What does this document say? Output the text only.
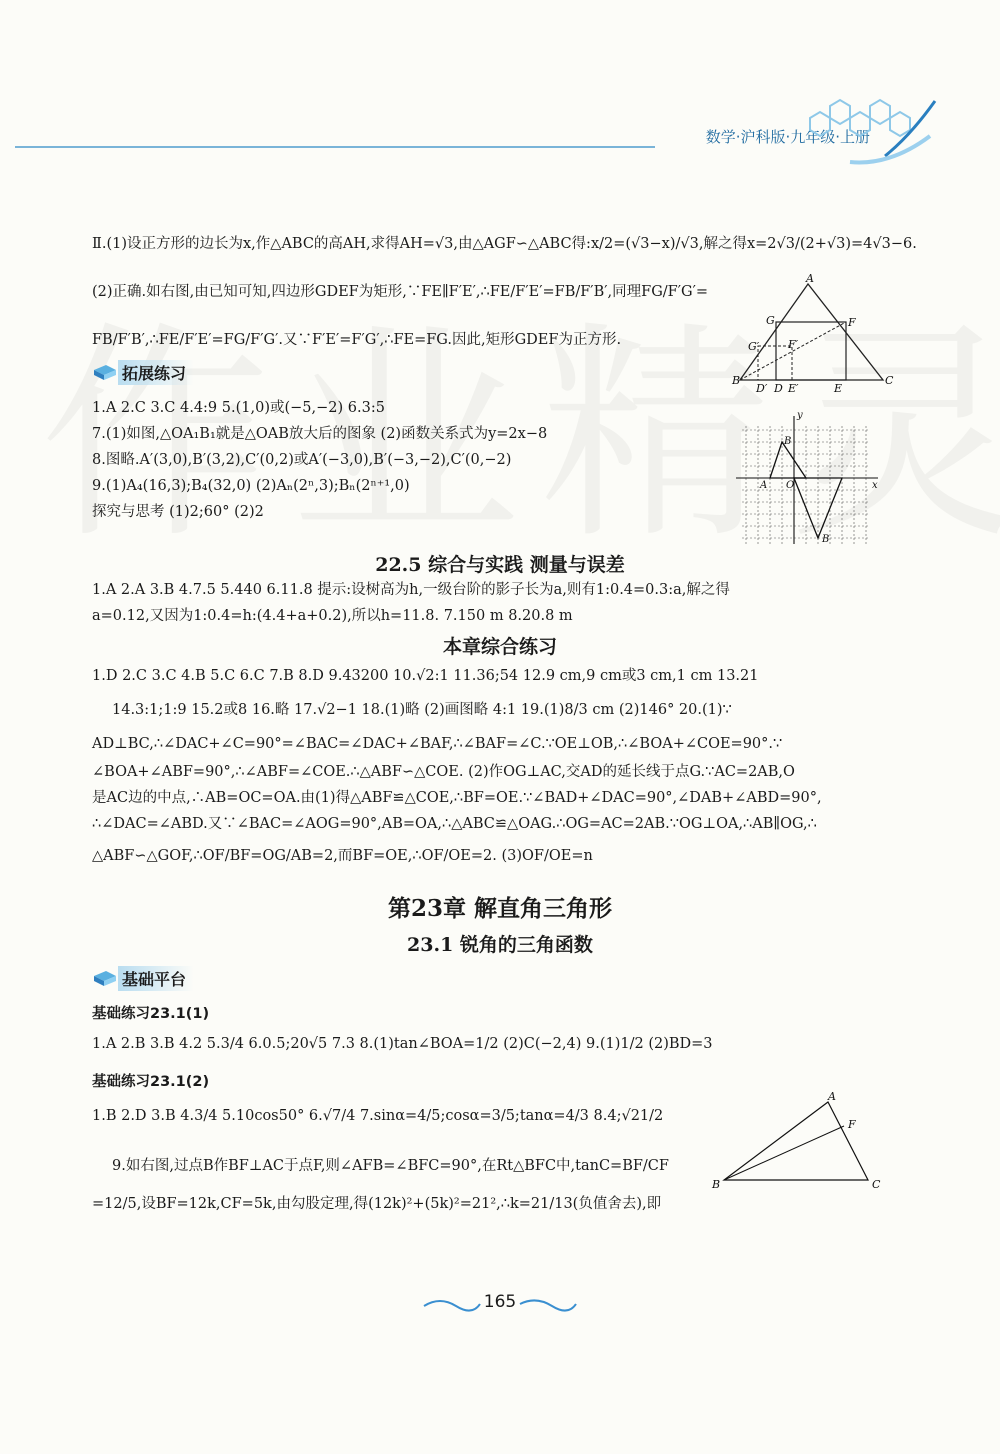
数学·沪科版·九年级·上册
Ⅱ.(1)设正方形的边长为x,作△ABC的高AH,求得AH=√3,由△AGF∽△ABC得:x/2=(√3−x)/√3,解之得x=2√3/(2+√3)=4√3−6.
(2)正确.如右图,由已知可知,四边形GDEF为矩形,∵FE∥F′E′,∴FE/F′E′=FB/F′B′,同理FG/F′G′=
FB/F′B′,∴FE/F′E′=FG/F′G′.又∵F′E′=F′G′,∴FE=FG.因此,矩形GDEF为正方形.
A
G	F
G′	F′
B
D′ D E′	E
C
拓展练习
1.A 2.C 3.C 4.4:9 5.(1,0)或(−5,−2) 6.3:5
7.(1)如图,△OA₁B₁就是△OAB放大后的图象 (2)函数关系式为y=2x−8
8.图略.A′(3,0),B′(3,2),C′(0,2)或A′(−3,0),B′(−3,−2),C′(0,−2)
9.(1)A₄(16,3);B₄(32,0) (2)Aₙ(2ⁿ,3);Bₙ(2ⁿ⁺¹,0)
探究与思考 (1)2;60° (2)2
y
B
A O	x
B
22.5 综合与实践 测量与误差
1.A 2.A 3.B 4.7.5 5.440 6.11.8 提示:设树高为h,一级台阶的影子长为a,则有1:0.4=0.3:a,解之得
a=0.12,又因为1:0.4=h:(4.4+a+0.2),所以h=11.8. 7.150 m 8.20.8 m
本章综合练习
1.D 2.C 3.C 4.B 5.C 6.C 7.B 8.D 9.43200 10.√2:1 11.36;54 12.9 cm,9 cm或3 cm,1 cm 13.21
14.3:1;1:9 15.2或8 16.略 17.√2−1 18.(1)略 (2)画图略 4:1 19.(1)8/3 cm (2)146° 20.(1)∵
AD⊥BC,∴∠DAC+∠C=90°=∠BAC=∠DAC+∠BAF,∴∠BAF=∠C.∵OE⊥OB,∴∠BOA+∠COE=90°.∵
∠BOA+∠ABF=90°,∴∠ABF=∠COE.∴△ABF∽△COE. (2)作OG⊥AC,交AD的延长线于点G.∵AC=2AB,O
是AC边的中点,∴AB=OC=OA.由(1)得△ABF≌△COE,∴BF=OE.∵∠BAD+∠DAC=90°,∠DAB+∠ABD=90°,
∴∠DAC=∠ABD.又∵∠BAC=∠AOG=90°,AB=OA,∴△ABC≌△OAG.∴OG=AC=2AB.∵OG⊥OA,∴AB∥OG,∴
△ABF∽△GOF,∴OF/BF=OG/AB=2,而BF=OE,∴OF/OE=2. (3)OF/OE=n
第23章 解直角三角形
23.1 锐角的三角函数
基础平台
基础练习23.1(1)
1.A 2.B 3.B 4.2 5.3/4 6.0.5;20√5 7.3 8.(1)tan∠BOA=1/2 (2)C(−2,4) 9.(1)1/2 (2)BD=3
基础练习23.1(2)
1.B 2.D 3.B 4.3/4 5.10cos50° 6.√7/4 7.sinα=4/5;cosα=3/5;tanα=4/3 8.4;√21/2
9.如右图,过点B作BF⊥AC于点F,则∠AFB=∠BFC=90°,在Rt△BFC中,tanC=BF/CF
=12/5,设BF=12k,CF=5k,由勾股定理,得(12k)²+(5k)²=21²,∴k=21/13(负值舍去),即
A
F
B	C
165
